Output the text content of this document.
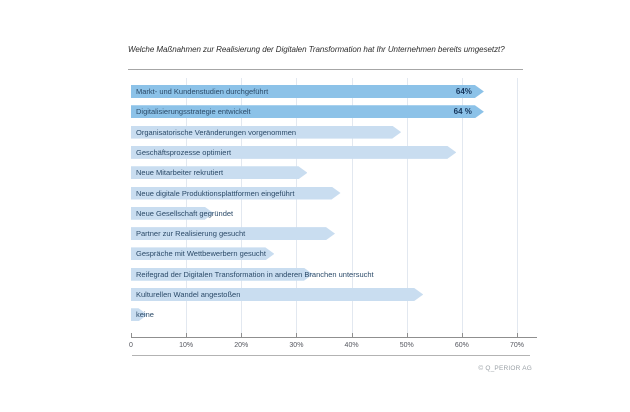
Welche Maßnahmen zur Realisierung der Digitalen Transformation hat Ihr Unternehmen bereits umgesetzt?
Markt- und Kundenstudien durchgeführt	64%
Digitalisierungsstrategie entwickelt	64 %
Organisatorische Veränderungen vorgenommen
Geschäftsprozesse optimiert
Neue Mitarbeiter rekrutiert
Neue digitale Produktionsplattformen eingeführt
Neue Gesellschaft gegründet
Partner zur Realisierung gesucht
Gespräche mit Wettbewerbern gesucht
Reifegrad der Digitalen Transformation in anderen Branchen untersucht
Kulturellen Wandel angestoßen
keine
0	10%	20%	30%	40%	50%	60%	70%
© Q_PERIOR AG
